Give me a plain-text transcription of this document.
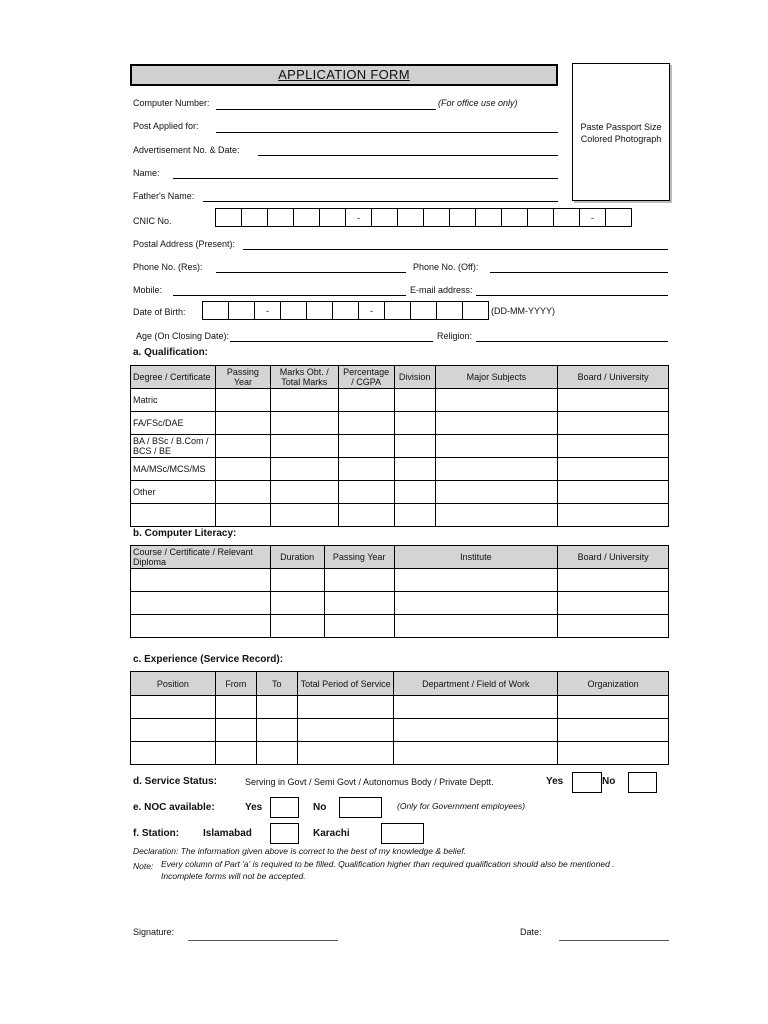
APPLICATION FORM
Paste Passport Size
Colored Photograph
Computer Number:	(For office use only)
Post Applied for:
Advertisement No. & Date:
Name:
Father's Name:
CNIC No.	-	-
Postal Address (Present):
Phone No. (Res):	Phone No. (Off):
Mobile:	E-mail address:
Date of Birth:	-	-	(DD-MM-YYYY)
Age (On Closing Date):	Religion:
a. Qualification:
Degree / Certificate	Passing Year	Marks Obt. / Total Marks	Percentage / CGPA	Division	Major Subjects	Board / University
Matric						
FA/FSc/DAE						
BA / BSc / B.Com / BCS / BE						
MA/MSc/MCS/MS						
Other						

b. Computer Literacy:
Course / Certificate / Relevant Diploma	Duration	Passing Year	Institute	Board / University

c. Experience (Service Record):
Position	From	To	Total Period of Service	Department / Field of Work	Organization

d. Service Status:	Serving in Govt / Semi Govt / Autonomus Body / Private Deptt.	Yes	No
e. NOC available:	Yes	No	(Only for Government employees)
f. Station: Islamabad	Karachi
Declaration: The information given above is correct to the best of my knowledge & belief.
Note: Every column of Part 'a' is required to be filled. Qualification higher than required qualification should also be mentioned .
Incomplete forms will not be accepted.
Signature:	Date:
